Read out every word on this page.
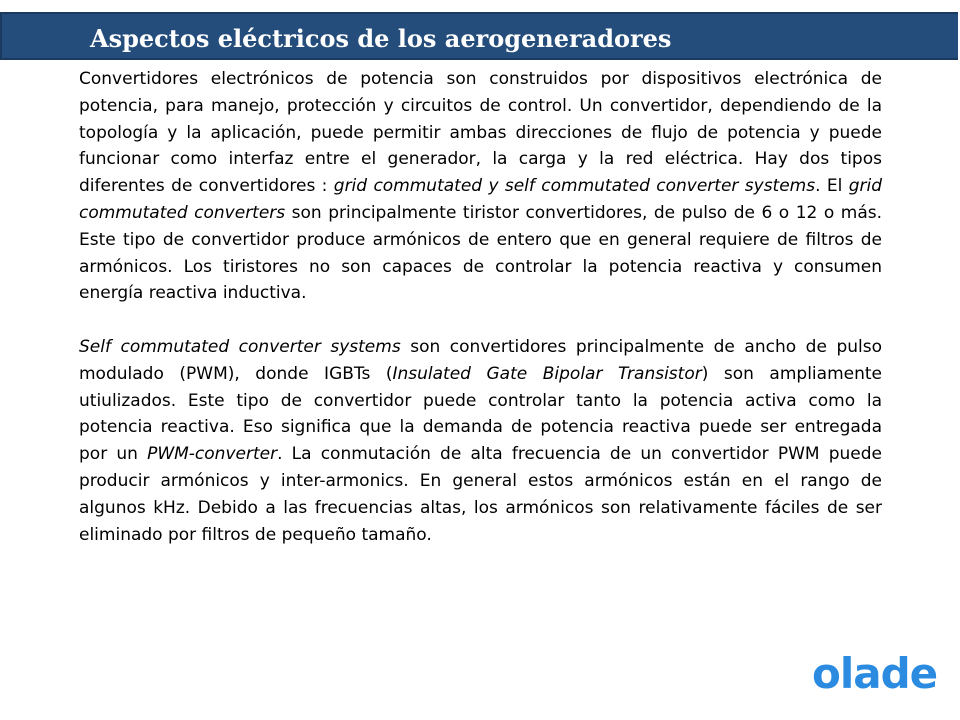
Aspectos eléctricos de los aerogeneradores

Convertidores electrónicos de potencia son construidos por dispositivos electrónica de potencia, para manejo, protección y circuitos de control. Un convertidor, dependiendo de la topología y la aplicación, puede permitir ambas direcciones de flujo de potencia y puede funcionar como interfaz entre el generador, la carga y la red eléctrica. Hay dos tipos diferentes de convertidores : grid commutated y self commutated converter systems. El grid commutated converters son principalmente tiristor convertidores, de pulso de 6 o 12 o más. Este tipo de convertidor produce armónicos de entero que en general requiere de filtros de armónicos. Los tiristores no son capaces de controlar la potencia reactiva y consumen energía reactiva inductiva.

Self commutated converter systems son convertidores principalmente de ancho de pulso modulado (PWM), donde IGBTs (Insulated Gate Bipolar Transistor) son ampliamente utiulizados. Este tipo de convertidor puede controlar tanto la potencia activa como la potencia reactiva. Eso significa que la demanda de potencia reactiva puede ser entregada por un PWM-converter. La conmutación de alta frecuencia de un convertidor PWM puede producir armónicos y inter-armonics. En general estos armónicos están en el rango de algunos kHz. Debido a las frecuencias altas, los armónicos son relativamente fáciles de ser eliminado por filtros de pequeño tamaño.

olade
